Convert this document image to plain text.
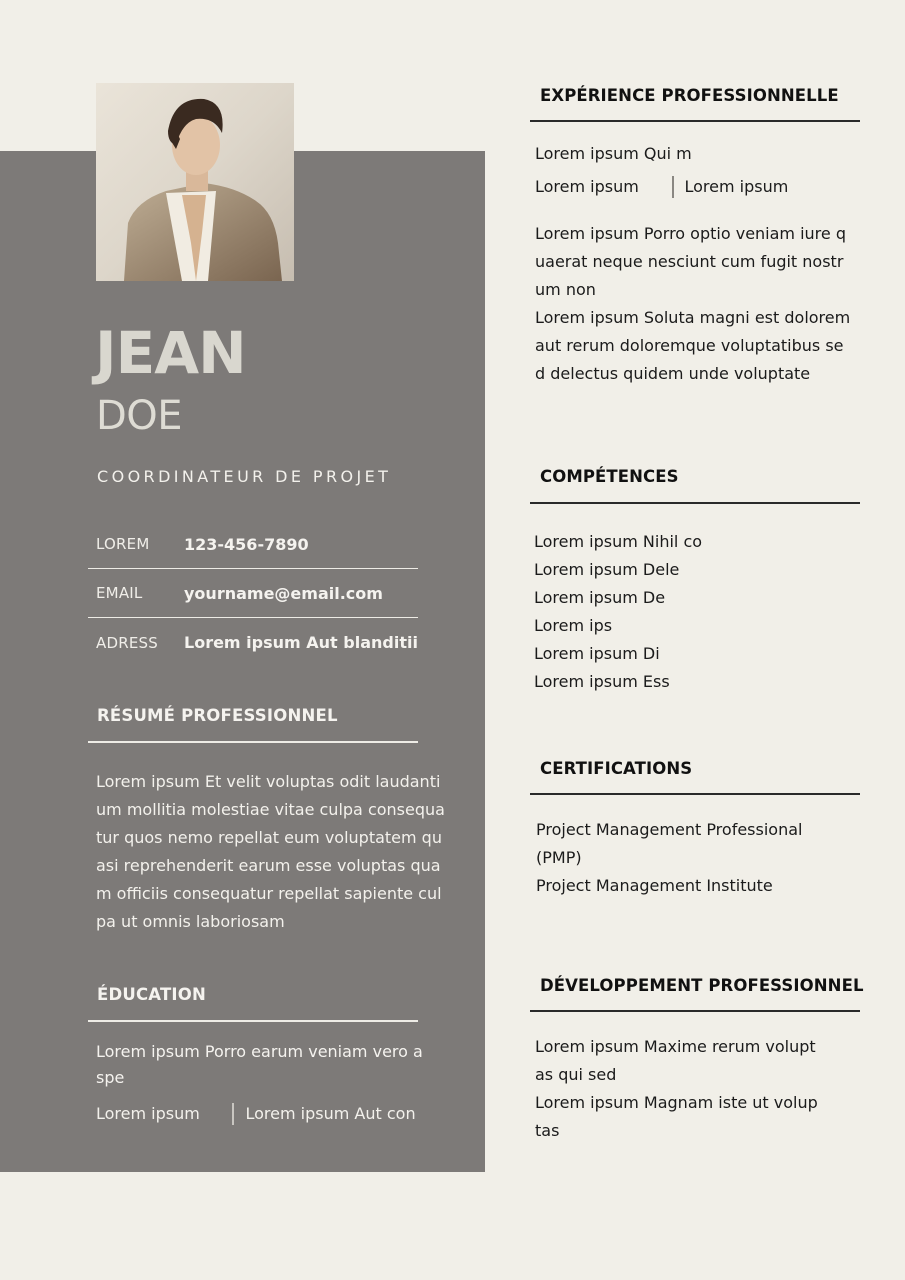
JEAN
DOE
COORDINATEUR DE PROJET
LOREM	123-456-7890
EMAIL	yourname@email.com
ADRESS	Lorem ipsum Aut blanditii
RÉSUMÉ PROFESSIONNEL
Lorem ipsum Et velit voluptas odit laudantium mollitia molestiae vitae culpa consequatur quos nemo repellat eum voluptatem quasi reprehenderit earum esse voluptas quam officiis consequatur repellat sapiente culpa ut omnis laboriosam
ÉDUCATION
Lorem ipsum Porro earum veniam vero aspe
Lorem ipsum	Lorem ipsum Aut con
EXPÉRIENCE PROFESSIONNELLE
Lorem ipsum Qui m
Lorem ipsum	Lorem ipsum
Lorem ipsum Porro optio veniam iure quaerat neque nesciunt cum fugit nostrum non
Lorem ipsum Soluta magni est dolorem aut rerum doloremque voluptatibus sed delectus quidem unde voluptate
COMPÉTENCES
Lorem ipsum Nihil co
Lorem ipsum Dele
Lorem ipsum De
Lorem ips
Lorem ipsum Di
Lorem ipsum Ess
CERTIFICATIONS
Project Management Professional (PMP)
Project Management Institute
DÉVELOPPEMENT PROFESSIONNEL
Lorem ipsum Maxime rerum voluptas qui sed
Lorem ipsum Magnam iste ut voluptas
